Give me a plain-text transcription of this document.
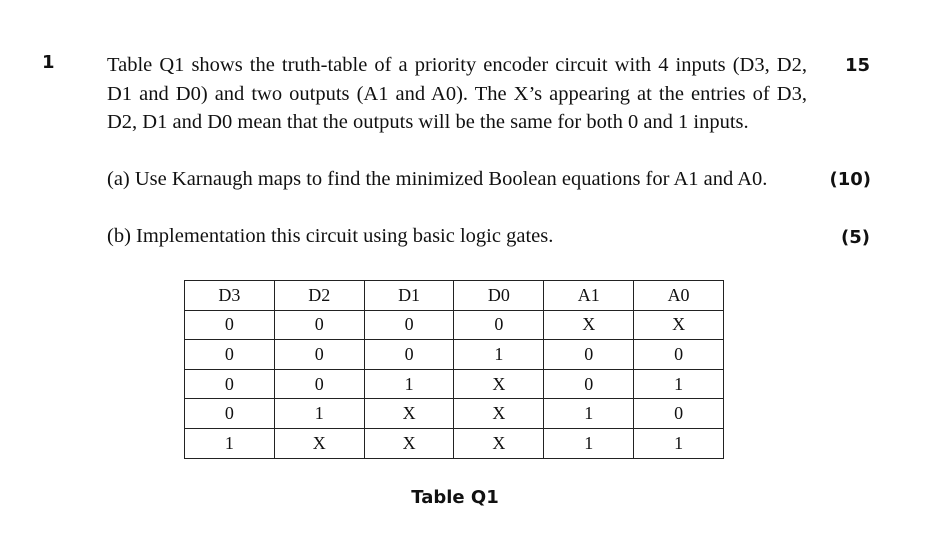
1	15
Table Q1 shows the truth-table of a priority encoder circuit with 4 inputs (D3, D2, D1 and D0) and two outputs (A1 and A0). The X’s appearing at the entries of D3, D2, D1 and D0 mean that the outputs will be the same for both 0 and 1 inputs.
(a) Use Karnaugh maps to find the minimized Boolean equations for A1 and A0.	(10)
(b) Implementation this circuit using basic logic gates.	(5)
D3	D2	D1	D0	A1	A0
0	0	0	0	X	X
0	0	0	1	0	0
0	0	1	X	0	1
0	1	X	X	1	0
1	X	X	X	1	1
Table Q1
